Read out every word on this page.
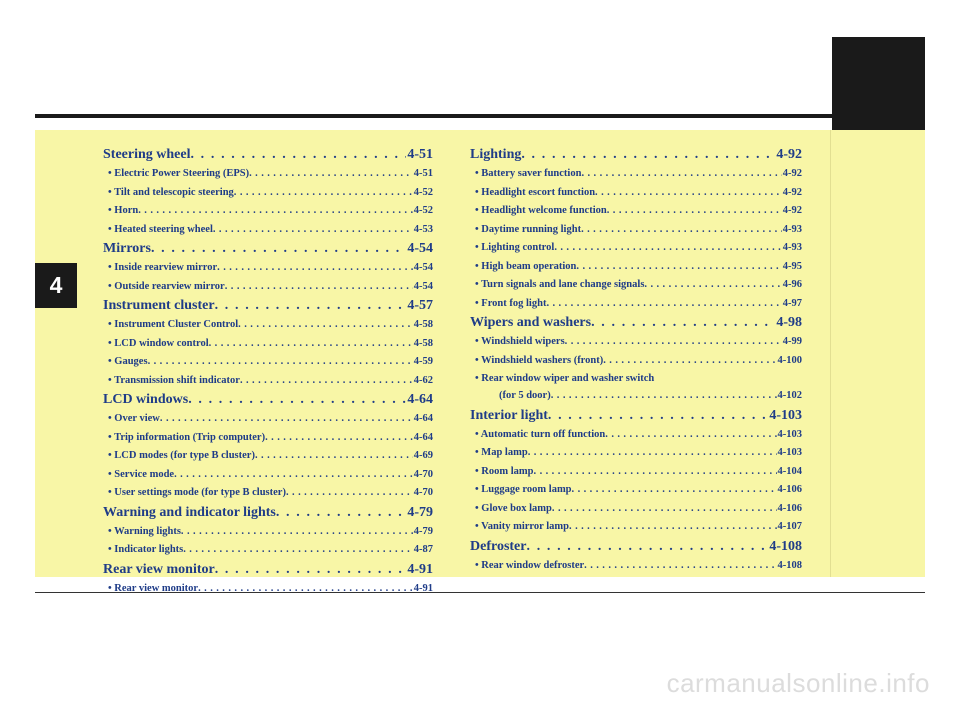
4
Steering wheel . . .	4-51
• Electric Power Steering (EPS) . . .	4-51
• Tilt and telescopic steering . . .	4-52
• Horn . . .	4-52
• Heated steering wheel . . .	4-53
Mirrors . . .	4-54
• Inside rearview mirror . . .	4-54
• Outside rearview mirror . . .	4-54
Instrument cluster . . .	4-57
• Instrument Cluster Control . . .	4-58
• LCD window control . . .	4-58
• Gauges . . .	4-59
• Transmission shift indicator . . .	4-62
LCD windows . . .	4-64
• Over view . . .	4-64
• Trip information (Trip computer) . . .	4-64
• LCD modes (for type B cluster) . . .	4-69
• Service mode . . .	4-70
• User settings mode (for type B cluster) . . .	4-70
Warning and indicator lights . . .	4-79
• Warning lights . . .	4-79
• Indicator lights . . .	4-87
Rear view monitor . . .	4-91
• Rear view monitor . . .	4-91
Lighting . . .	4-92
• Battery saver function . . .	4-92
• Headlight escort function . . .	4-92
• Headlight welcome function . . .	4-92
• Daytime running light . . .	4-93
• Lighting control . . .	4-93
• High beam operation . . .	4-95
• Turn signals and lane change signals . . .	4-96
• Front fog light . . .	4-97
Wipers and washers . . .	4-98
• Windshield wipers . . .	4-99
• Windshield washers (front) . . .	4-100
• Rear window wiper and washer switch
(for 5 door) . . .	4-102
Interior light . . .	4-103
• Automatic turn off function . . .	4-103
• Map lamp . . .	4-103
• Room lamp . . .	4-104
• Luggage room lamp . . .	4-106
• Glove box lamp . . .	4-106
• Vanity mirror lamp . . .	4-107
Defroster . . .	4-108
• Rear window defroster . . .	4-108
carmanualsonline.info
